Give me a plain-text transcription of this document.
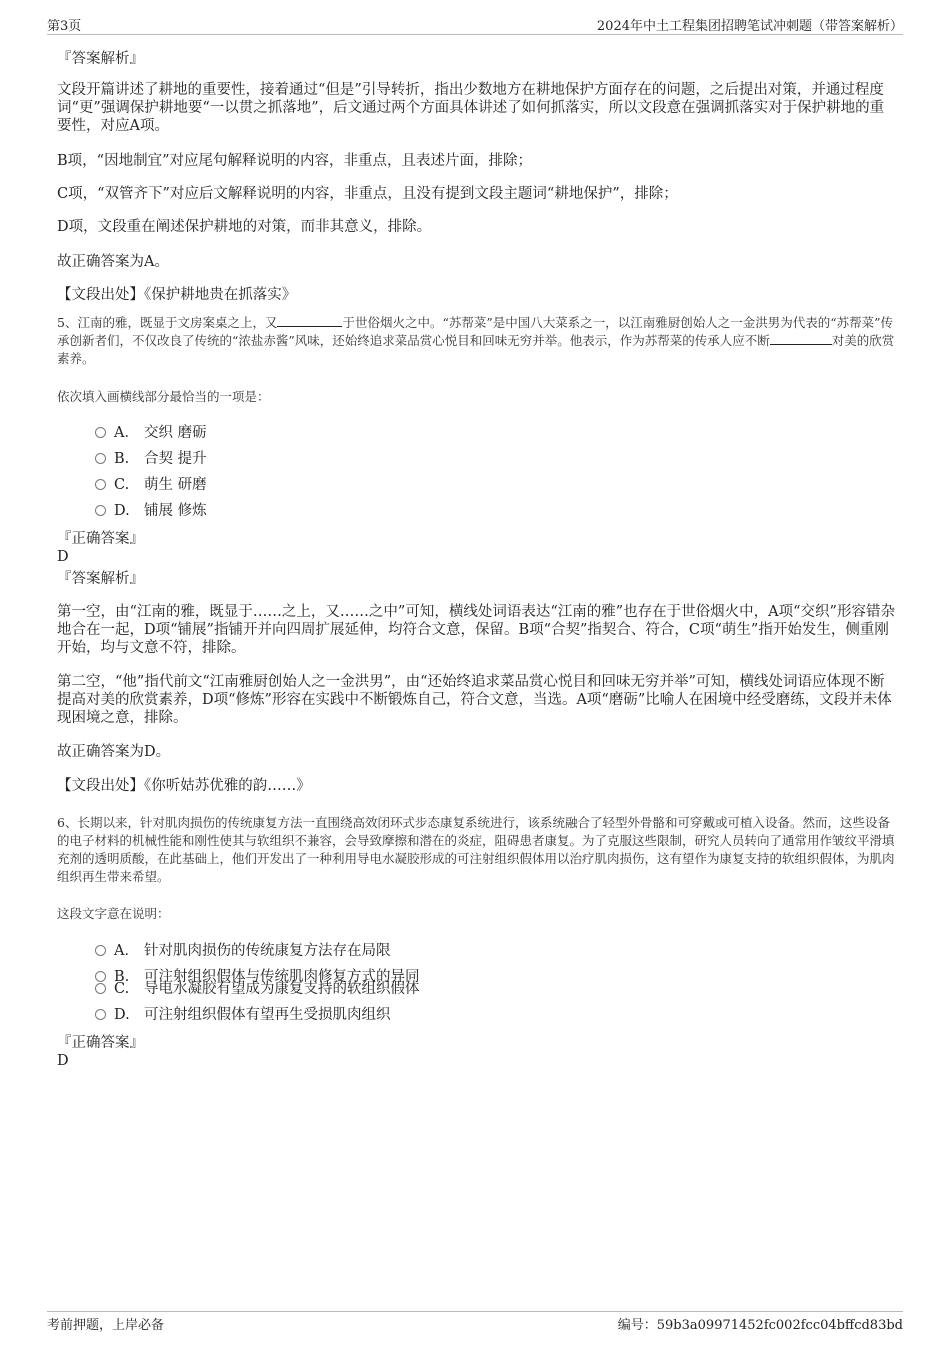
第3页	2024年中土工程集团招聘笔试冲刺题（带答案解析）
『答案解析』
文段开篇讲述了耕地的重要性，接着通过“但是”引导转折，指出少数地方在耕地保护方面存在的问题，之后提出对策，并通过程度词“更”强调保护耕地要“一以贯之抓落地”，后文通过两个方面具体讲述了如何抓落实，所以文段意在强调抓落实对于保护耕地的重要性，对应A项。
B项，“因地制宜”对应尾句解释说明的内容，非重点，且表述片面，排除；
C项，“双管齐下”对应后文解释说明的内容，非重点，且没有提到文段主题词“耕地保护”，排除；
D项，文段重在阐述保护耕地的对策，而非其意义，排除。
故正确答案为A。
【文段出处】《保护耕地贵在抓落实》
5、江南的雅，既显于文房案桌之上，又	于世俗烟火之中。“苏帮菜”是中国八大菜系之一，以江南雅厨创始人之一金洪男为代表的“苏帮菜”传承创新者们，不仅改良了传统的“浓盐赤酱”风味，还始终追求菜品赏心悦目和回味无穷并举。他表示，作为苏帮菜的传承人应不断	对美的欣赏素养。
依次填入画横线部分最恰当的一项是：
A． 交织 磨砺
B. 合契 提升
C. 萌生 研磨
D. 铺展 修炼
『正确答案』
D
『答案解析』
第一空，由“江南的雅，既显于……之上，又……之中”可知，横线处词语表达“江南的雅”也存在于世俗烟火中，A项“交织”形容错杂地合在一起，D项“铺展”指铺开并向四周扩展延伸，均符合文意，保留。B项“合契”指契合、符合，C项“萌生”指开始发生，侧重刚开始，均与文意不符，排除。
第二空，“他”指代前文“江南雅厨创始人之一金洪男”，由“还始终追求菜品赏心悦目和回味无穷并举”可知，横线处词语应体现不断提高对美的欣赏素养，D项“修炼”形容在实践中不断锻炼自己，符合文意，当选。A项“磨砺”比喻人在困境中经受磨练，文段并未体现困境之意，排除。
故正确答案为D。
【文段出处】《你听姑苏优雅的韵……》
6、长期以来，针对肌肉损伤的传统康复方法一直围绕高效闭环式步态康复系统进行，该系统融合了轻型外骨骼和可穿戴或可植入设备。然而，这些设备的电子材料的机械性能和刚性使其与软组织不兼容，会导致摩擦和潜在的炎症，阻碍患者康复。为了克服这些限制，研究人员转向了通常用作皱纹平滑填充剂的透明质酸，在此基础上，他们开发出了一种利用导电水凝胶形成的可注射组织假体用以治疗肌肉损伤，这有望作为康复支持的软组织假体，为肌肉组织再生带来希望。
这段文字意在说明：
A． 针对肌肉损伤的传统康复方法存在局限
B. 可注射组织假体与传统肌肉修复方式的异同
C. 导电水凝胶有望成为康复支持的软组织假体
D. 可注射组织假体有望再生受损肌肉组织
『正确答案』
D
考前押题，上岸必备	编号：59b3a09971452fc002fcc04bffcd83bd
